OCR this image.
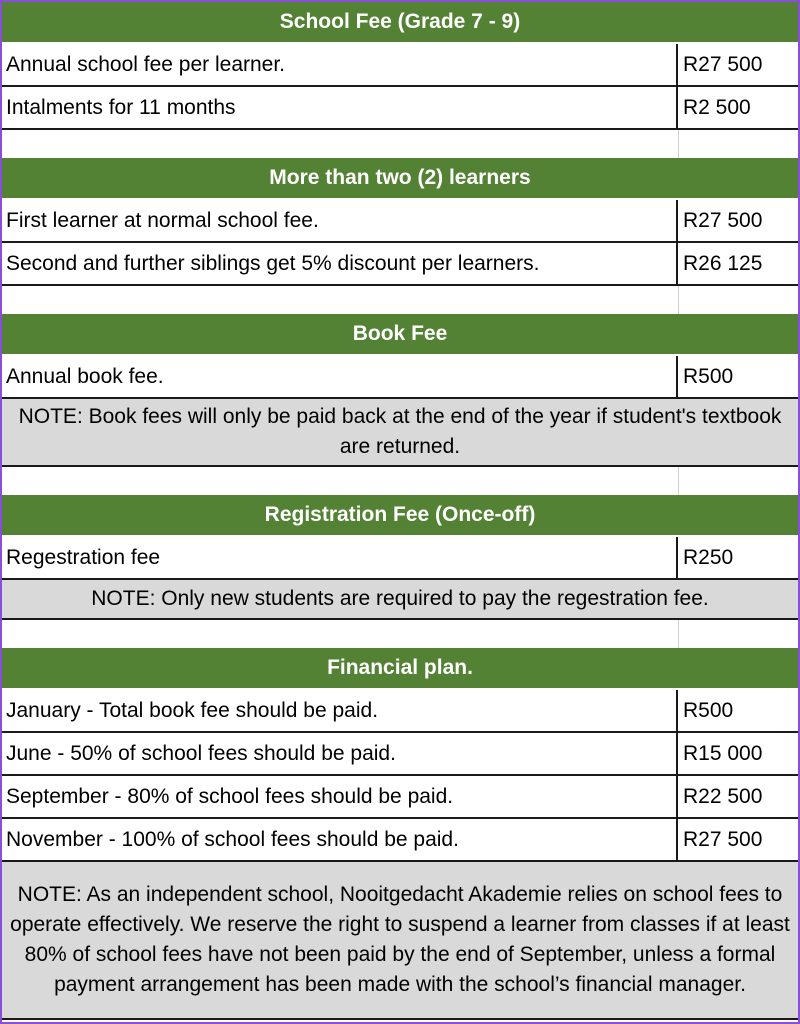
School Fee (Grade 7 - 9)
Annual school fee per learner.	R27 500
Intalments for 11 months	R2 500
More than two (2) learners
First learner at normal school fee.	R27 500
Second and further siblings get 5% discount per learners.	R26 125
Book Fee
Annual book fee.	R500
NOTE: Book fees will only be paid back at the end of the year if student's textbook are returned.
Registration Fee (Once-off)
Regestration fee	R250
NOTE: Only new students are required to pay the regestration fee.
Financial plan.
January - Total book fee should be paid.	R500
June - 50% of school fees should be paid.	R15 000
September - 80% of school fees should be paid.	R22 500
November - 100% of school fees should be paid.	R27 500
NOTE: As an independent school, Nooitgedacht Akademie relies on school fees to operate effectively. We reserve the right to suspend a learner from classes if at least 80% of school fees have not been paid by the end of September, unless a formal payment arrangement has been made with the school’s financial manager.
